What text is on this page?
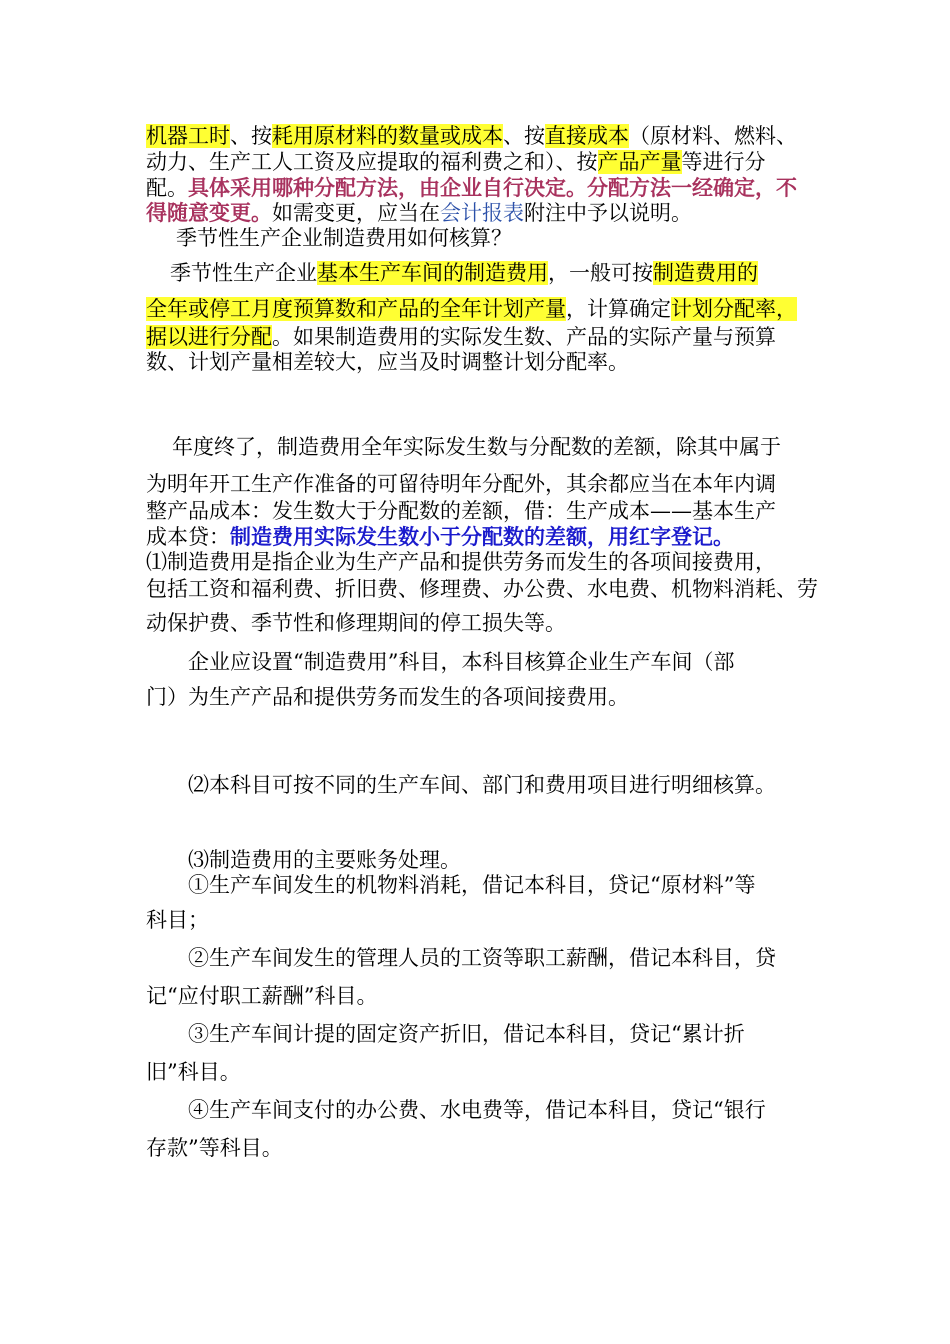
机器工时、按耗用原材料的数量或成本、按直接成本（原材料、燃料、
动力、生产工人工资及应提取的福利费之和）、按产品产量等进行分
配。具体采用哪种分配方法，由企业自行决定。分配方法一经确定，不
得随意变更。如需变更，应当在会计报表附注中予以说明。
季节性生产企业制造费用如何核算？
季节性生产企业基本生产车间的制造费用，一般可按制造费用的
全年或停工月度预算数和产品的全年计划产量，计算确定计划分配率，
据以进行分配。如果制造费用的实际发生数、产品的实际产量与预算
数、计划产量相差较大，应当及时调整计划分配率。
年度终了，制造费用全年实际发生数与分配数的差额，除其中属于
为明年开工生产作准备的可留待明年分配外，其余都应当在本年内调
整产品成本：发生数大于分配数的差额，借：生产成本——基本生产
成本贷：制造费用实际发生数小于分配数的差额，用红字登记。
⑴制造费用是指企业为生产产品和提供劳务而发生的各项间接费用，
包括工资和福利费、折旧费、修理费、办公费、水电费、机物料消耗、劳
动保护费、季节性和修理期间的停工损失等。
企业应设置“制造费用”科目，本科目核算企业生产车间（部
门）为生产产品和提供劳务而发生的各项间接费用。
⑵本科目可按不同的生产车间、部门和费用项目进行明细核算。
⑶制造费用的主要账务处理。
①生产车间发生的机物料消耗，借记本科目，贷记“原材料”等
科目；
②生产车间发生的管理人员的工资等职工薪酬，借记本科目，贷
记“应付职工薪酬”科目。
③生产车间计提的固定资产折旧，借记本科目，贷记“累计折
旧”科目。
④生产车间支付的办公费、水电费等，借记本科目，贷记“银行
存款”等科目。
